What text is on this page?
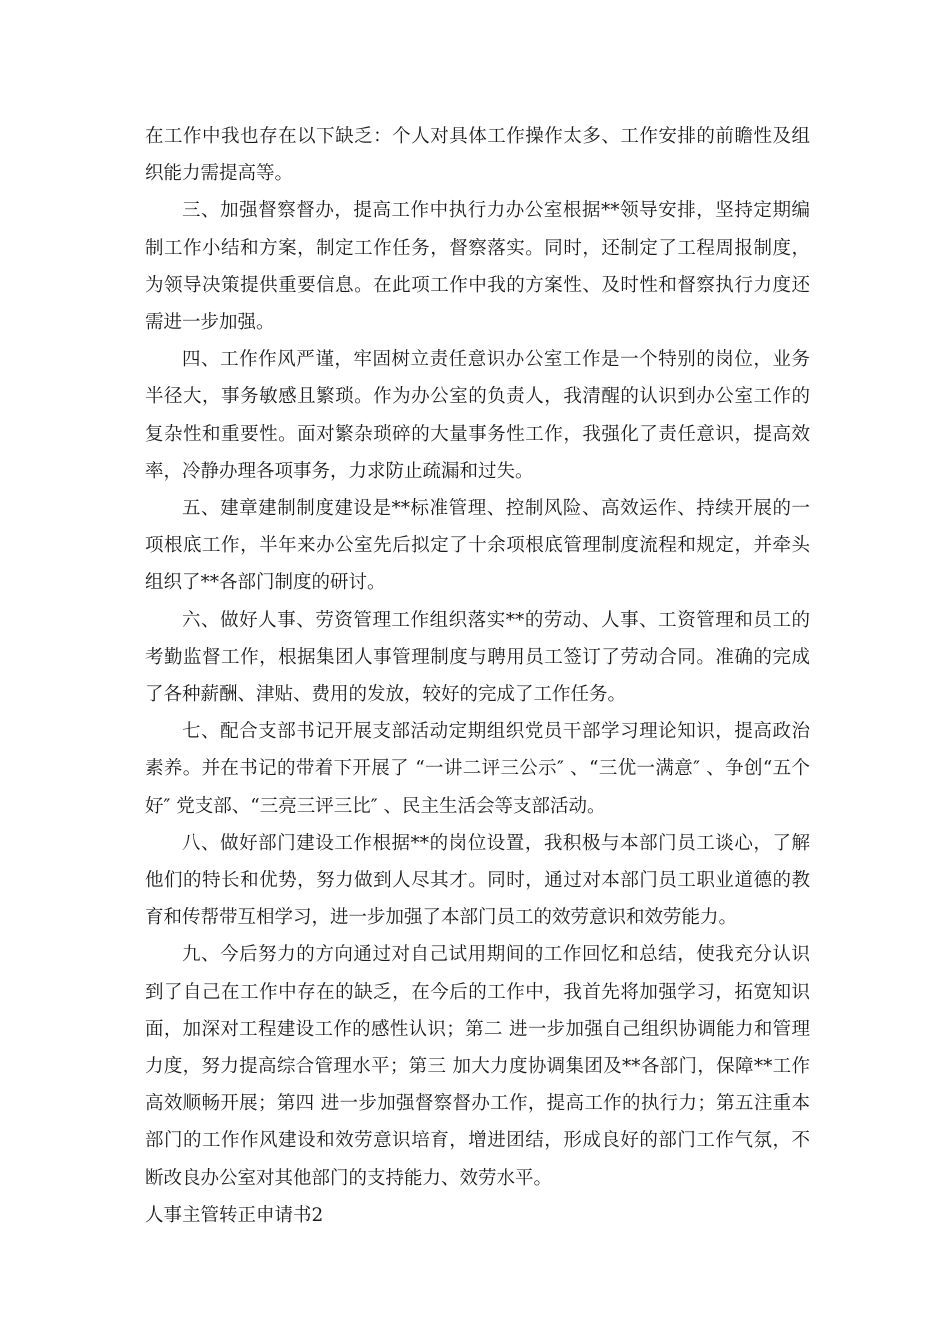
在工作中我也存在以下缺乏：个人对具体工作操作太多、工作安排的前瞻性及组织能力需提高等。

三、加强督察督办，提高工作中执行力办公室根据**领导安排，坚持定期编制工作小结和方案，制定工作任务，督察落实。同时，还制定了工程周报制度，为领导决策提供重要信息。在此项工作中我的方案性、及时性和督察执行力度还需进一步加强。

四、工作作风严谨，牢固树立责任意识办公室工作是一个特别的岗位，业务半径大，事务敏感且繁琐。作为办公室的负责人，我清醒的认识到办公室工作的复杂性和重要性。面对繁杂琐碎的大量事务性工作，我强化了责任意识，提高效率，冷静办理各项事务，力求防止疏漏和过失。

五、建章建制制度建设是**标准管理、控制风险、高效运作、持续开展的一项根底工作，半年来办公室先后拟定了十余项根底管理制度流程和规定，并牵头组织了**各部门制度的研讨。

六、做好人事、劳资管理工作组织落实**的劳动、人事、工资管理和员工的考勤监督工作，根据集团人事管理制度与聘用员工签订了劳动合同。准确的完成了各种薪酬、津贴、费用的发放，较好的完成了工作任务。

七、配合支部书记开展支部活动定期组织党员干部学习理论知识，提高政治素养。并在书记的带着下开展了 “一讲二评三公示″ 、“三优一满意″ 、争创“五个好″ 党支部、“三亮三评三比″ 、民主生活会等支部活动。

八、做好部门建设工作根据**的岗位设置，我积极与本部门员工谈心，了解他们的特长和优势，努力做到人尽其才。同时，通过对本部门员工职业道德的教育和传帮带互相学习，进一步加强了本部门员工的效劳意识和效劳能力。

九、今后努力的方向通过对自己试用期间的工作回忆和总结，使我充分认识到了自己在工作中存在的缺乏，在今后的工作中，我首先将加强学习，拓宽知识面，加深对工程建设工作的感性认识；第二 进一步加强自己组织协调能力和管理力度，努力提高综合管理水平；第三 加大力度协调集团及**各部门，保障**工作高效顺畅开展；第四 进一步加强督察督办工作，提高工作的执行力；第五注重本部门的工作作风建设和效劳意识培育，增进团结，形成良好的部门工作气氛，不断改良办公室对其他部门的支持能力、效劳水平。

人事主管转正申请书2
